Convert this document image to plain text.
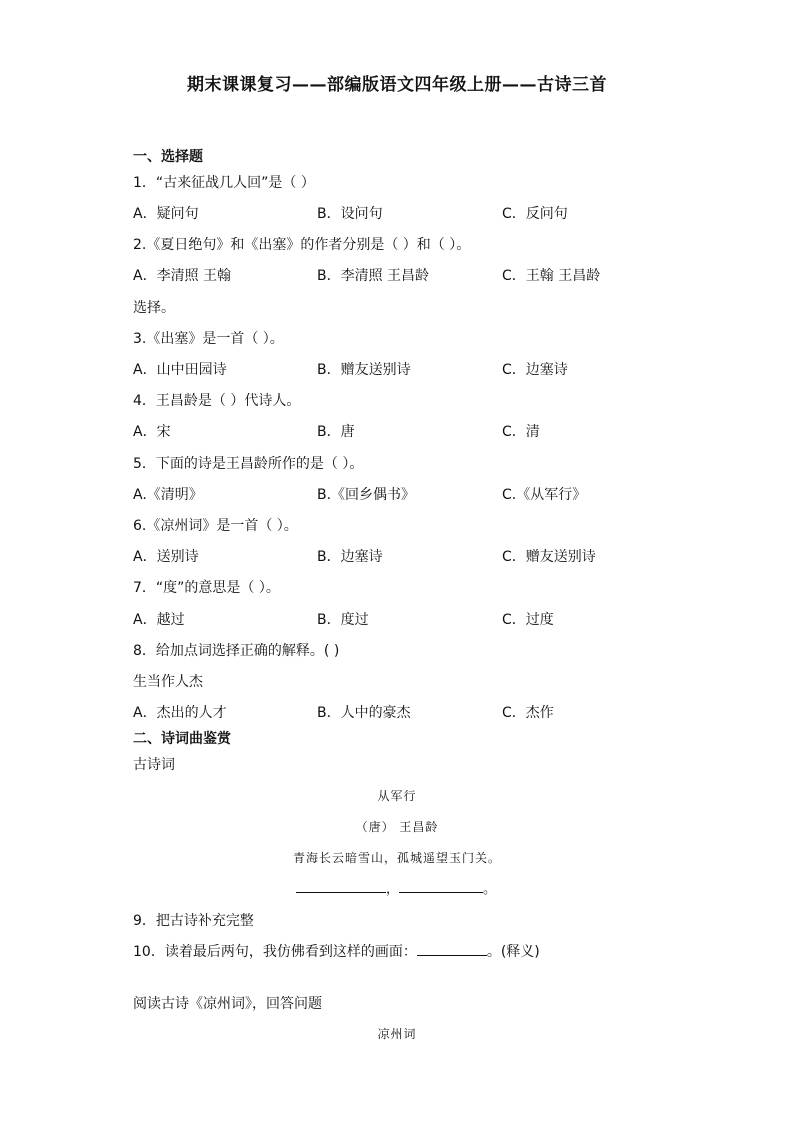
期末课课复习——部编版语文四年级上册——古诗三首
一、选择题
1．“古来征战几人回”是（ ）
A．疑问句	B．设问句	C．反问句
2.《夏日绝句》和《出塞》的作者分别是（ ）和（ ）。
A．李清照 王翰	B．李清照 王昌龄	C．王翰 王昌龄
选择。
3.《出塞》是一首（ ）。
A．山中田园诗	B．赠友送别诗	C．边塞诗
4．王昌龄是（ ）代诗人。
A．宋	B．唐	C．清
5．下面的诗是王昌龄所作的是（ ）。
A.《清明》	B.《回乡偶书》	C.《从军行》
6.《凉州词》是一首（ ）。
A．送别诗	B．边塞诗	C．赠友送别诗
7．“度”的意思是（ ）。
A．越过	B．度过	C．过度
8．给加点词选择正确的解释。( )
生当作人杰
A．杰出的人才	B．人中的豪杰	C．杰作
二、诗词曲鉴赏
古诗词
从军行
（唐） 王昌龄
青海长云暗雪山，孤城遥望玉门关。
，	。
9．把古诗补充完整
10．读着最后两句，我仿佛看到这样的画面：	。(释义)
阅读古诗《凉州词》，回答问题
凉州词
